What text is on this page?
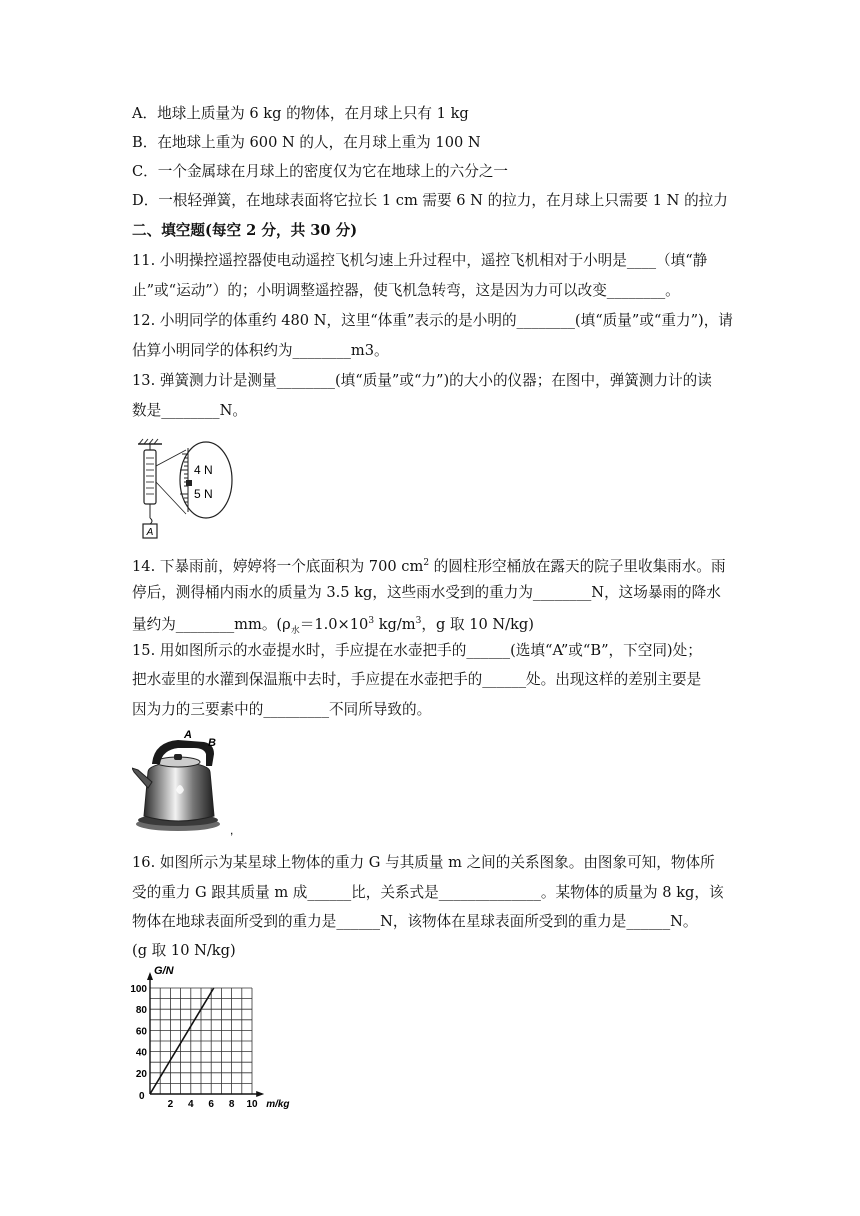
A．地球上质量为 6 kg 的物体，在月球上只有 1 kg
B．在地球上重为 600 N 的人，在月球上重为 100 N
C．一个金属球在月球上的密度仅为它在地球上的六分之一
D．一根轻弹簧，在地球表面将它拉长 1 cm 需要 6 N 的拉力，在月球上只需要 1 N 的拉力
二、填空题(每空 2 分，共 30 分)
11. 小明操控遥控器使电动遥控飞机匀速上升过程中，遥控飞机相对于小明是____（填“静
止”或“运动”）的；小明调整遥控器，使飞机急转弯，这是因为力可以改变________。
12. 小明同学的体重约 480 N，这里“体重”表示的是小明的________(填“质量”或“重力”)，请
估算小明同学的体积约为________m3。
13. 弹簧测力计是测量________(填“质量”或“力”)的大小的仪器；在图中，弹簧测力计的读
数是________N。
A
4 N
5 N
14. 下暴雨前，婷婷将一个底面积为 700 $cm^2$ 的圆柱形空桶放在露天的院子里收集雨水。雨
停后，测得桶内雨水的质量为 3.5 kg，这些雨水受到的重力为________N，这场暴雨的降水
量约为________mm。($\rho_水=1.0\times 10^3$ $kg/m^3$，g 取 10 N/kg)
15. 用如图所示的水壶提水时，手应提在水壶把手的______(选填“A”或“B”，下空同)处；
把水壶里的水灌到保温瓶中去时，手应提在水壶把手的______处。出现这样的差别主要是
因为力的三要素中的_________不同所导致的。
A
B
,
16. 如图所示为某星球上物体的重力 G 与其质量 m 之间的关系图象。由图象可知，物体所
受的重力 G 跟其质量 m 成______比，关系式是______________。某物体的质量为 8 kg，该
物体在地球表面所受到的重力是______N，该物体在星球表面所受到的重力是______N。
(g 取 10 N/kg)
100
80
60
40
20
2 4 6 8 10
G/N
m/kg
0
